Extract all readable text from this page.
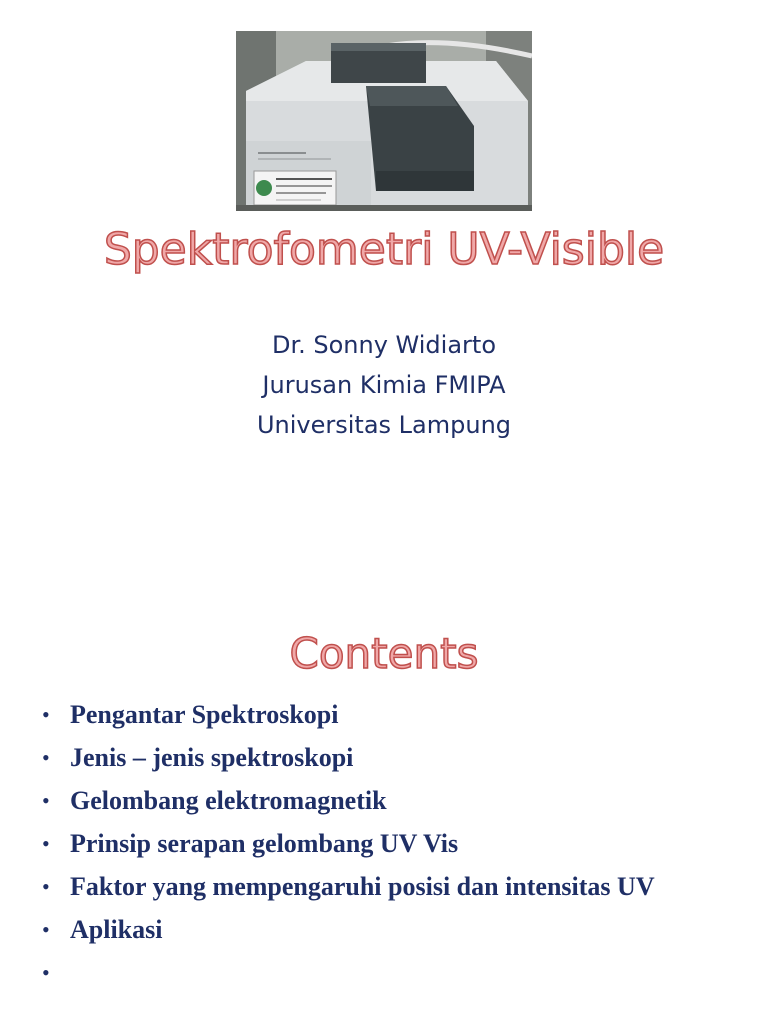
Spektrofometri UV-Visible
Dr. Sonny Widiarto
Jurusan Kimia FMIPA
Universitas Lampung
Contents
• Pengantar Spektroskopi
• Jenis – jenis spektroskopi
• Gelombang elektromagnetik
• Prinsip serapan gelombang UV Vis
• Faktor yang mempengaruhi posisi dan intensitas UV
• Aplikasi
•
